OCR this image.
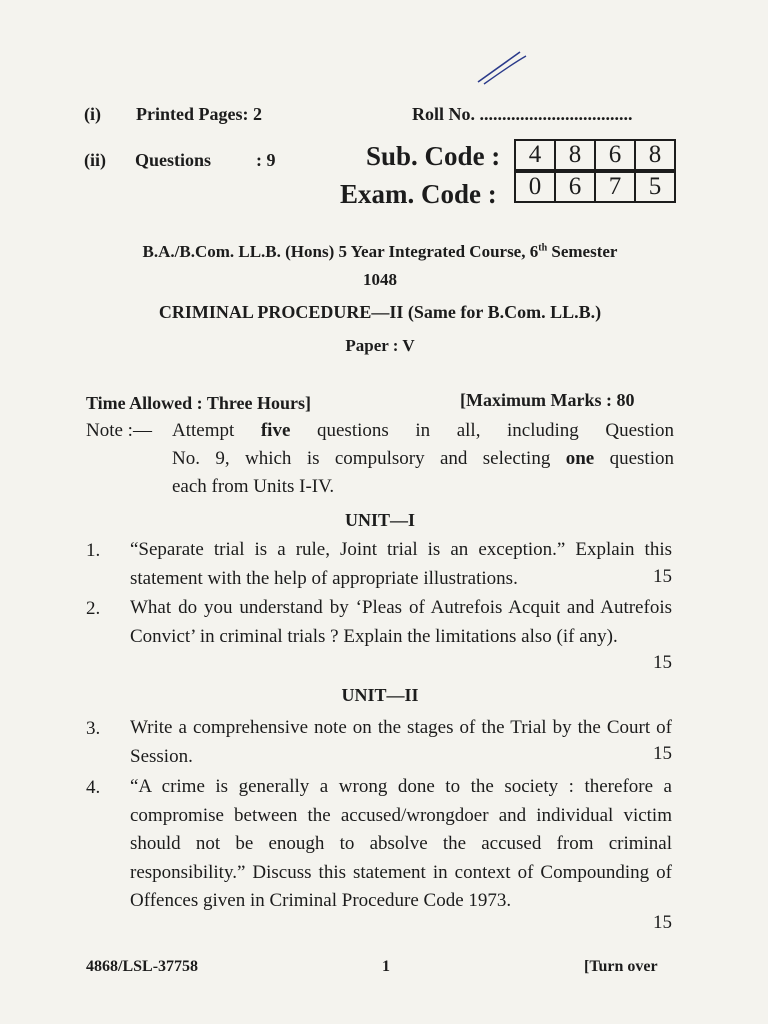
(i) Printed Pages: 2
(ii) Questions	: 9
Roll No. ..................................
Sub. Code :	4	8	6	8
Exam. Code :	0	6	7	5
B.A./B.Com. LL.B. (Hons) 5 Year Integrated Course, 6th Semester
1048
CRIMINAL PROCEDURE—II (Same for B.Com. LL.B.)
Paper : V
Time Allowed : Three Hours]	[Maximum Marks : 80
Note :— Attempt five questions in all, including Question
No. 9, which is compulsory and selecting one question
each from Units I-IV.
UNIT—I
1. “Separate trial is a rule, Joint trial is an exception.” Explain this statement with the help of appropriate illustrations.	15
2. What do you understand by ‘Pleas of Autrefois Acquit and Autrefois Convict’ in criminal trials ? Explain the limitations also (if any).
15
UNIT—II
3. Write a comprehensive note on the stages of the Trial by the Court of Session.	15
4. “A crime is generally a wrong done to the society : therefore a compromise between the accused/wrongdoer and individual victim should not be enough to absolve the accused from criminal responsibility.” Discuss this statement in context of Compounding of Offences given in Criminal Procedure Code 1973.
15
4868/LSL-37758	1	[Turn over
